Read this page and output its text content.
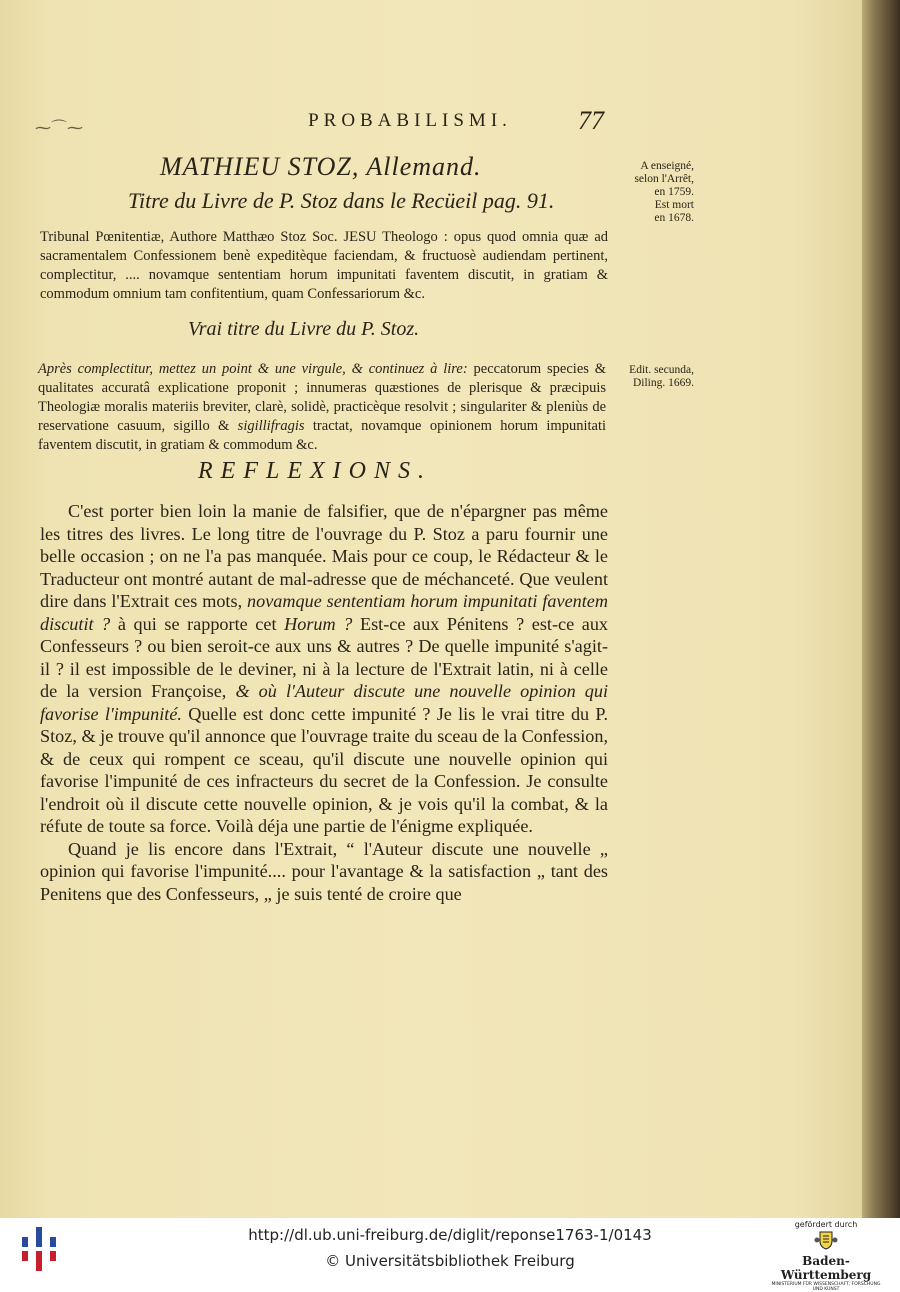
⁓⌒⁓	PROBABILISMI.	77
MATHIEU STOZ, Allemand.
Titre du Livre de P. Stoz dans le Recüeil pag. 91.
Tribunal Pœnitentiæ, Authore Matthæo Stoz Soc. JESU Theologo : opus quod omnia quæ ad sacramentalem Confessionem benè expeditèque faciendam, & fructuosè audiendam pertinent, complectitur, .... novamque sententiam horum impunitati faventem discutit, in gratiam & commodum omnium tam confitentium, quam Confessariorum &c.
Vrai titre du Livre du P. Stoz.
Après complectitur, mettez un point & une virgule, & continuez à lire: peccatorum species & qualitates accuratâ explicatione proponit ; innumeras quæstiones de plerisque & præcipuis Theologiæ moralis materiis breviter, clarè, solidè, practicèque resolvit ; singulariter & pleniùs de reservatione casuum, sigillo & sigillifragis tractat, novamque opinionem horum impunitati faventem discutit, in gratiam & commodum &c.
REFLEXIONS.

C'est porter bien loin la manie de falsifier, que de n'épargner pas même les titres des livres. Le long titre de l'ouvrage du P. Stoz a paru fournir une belle occasion ; on ne l'a pas manquée. Mais pour ce coup, le Rédacteur & le Traducteur ont montré autant de mal-adresse que de méchanceté. Que veulent dire dans l'Extrait ces mots, novamque sententiam horum impunitati faventem discutit ? à qui se rapporte cet Horum ? Est-ce aux Pénitens ? est-ce aux Confesseurs ? ou bien seroit-ce aux uns & autres ? De quelle impunité s'agit-il ? il est impossible de le deviner, ni à la lecture de l'Extrait latin, ni à celle de la version Françoise, & où l'Auteur discute une nouvelle opinion qui favorise l'impunité. Quelle est donc cette impunité ? Je lis le vrai titre du P. Stoz, & je trouve qu'il annonce que l'ouvrage traite du sceau de la Confession, & de ceux qui rompent ce sceau, qu'il discute une nouvelle opinion qui favorise l'impunité de ces infracteurs du secret de la Confession. Je consulte l'endroit où il discute cette nouvelle opinion, & je vois qu'il la combat, & la réfute de toute sa force. Voilà déja une partie de l'énigme expliquée.

Quand je lis encore dans l'Extrait, “ l'Auteur discute une nouvelle „ opinion qui favorise l'impunité.... pour l'avantage & la satisfaction „ tant des Penitens que des Confesseurs, „ je suis tenté de croire que

A enseigné,
selon l'Arrêt,
en 1759.
Est mort
en 1678.
Edit. secunda,
Diling. 1669.
http://dl.ub.uni-freiburg.de/diglit/reponse1763-1/0143
© Universitätsbibliothek Freiburg
gefördert durch
Baden-Württemberg
MINISTERIUM FÜR WISSENSCHAFT, FORSCHUNG UND KUNST
